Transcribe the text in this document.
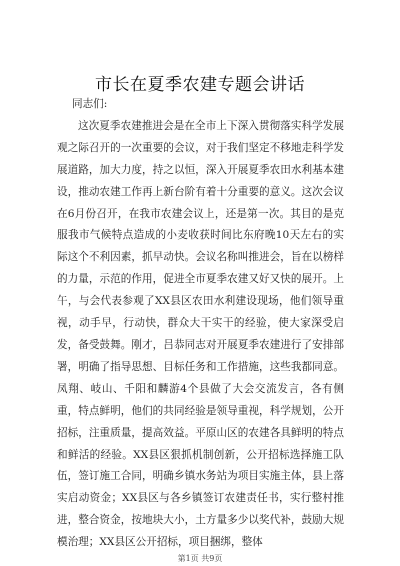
市长在夏季农建专题会讲话

同志们:

这次夏季农建推进会是在全市上下深入贯彻落实科学发展观之际召开的一次重要的会议，对于我们坚定不移地走科学发展道路，加大力度，持之以恒，深入开展夏季农田水利基本建设，推动农建工作再上新台阶有着十分重要的意义。这次会议在6月份召开，在我市农建会议上，还是第一次。其目的是克服我市气候特点造成的小麦收获时间比东府晚10天左右的实际这个不利因素，抓早动快。会议名称叫推进会，旨在以榜样的力量，示范的作用，促进全市夏季农建又好又快的展开。上午，与会代表参观了XX县区农田水利建设现场，他们领导重视，动手早，行动快，群众大干实干的经验，使大家深受启发，备受鼓舞。刚才，吕恭同志对开展夏季农建进行了安排部署，明确了指导思想、目标任务和工作措施，这些我都同意。凤翔、岐山、千阳和麟游4个县做了大会交流发言，各有侧重，特点鲜明，他们的共同经验是领导重视，科学规划，公开招标，注重质量，提高效益。平原山区的农建各具鲜明的特点和鲜活的经验。XX县区狠抓机制创新，公开招标选择施工队伍，签订施工合同，明确乡镇水务站为项目实施主体，县上落实启动资金；XX县区与各乡镇签订农建责任书，实行整村推进，整合资金，按地块大小，土方量多少以奖代补，鼓励大规模治理；XX县区公开招标，项目捆绑，整体

第1页 共9页
